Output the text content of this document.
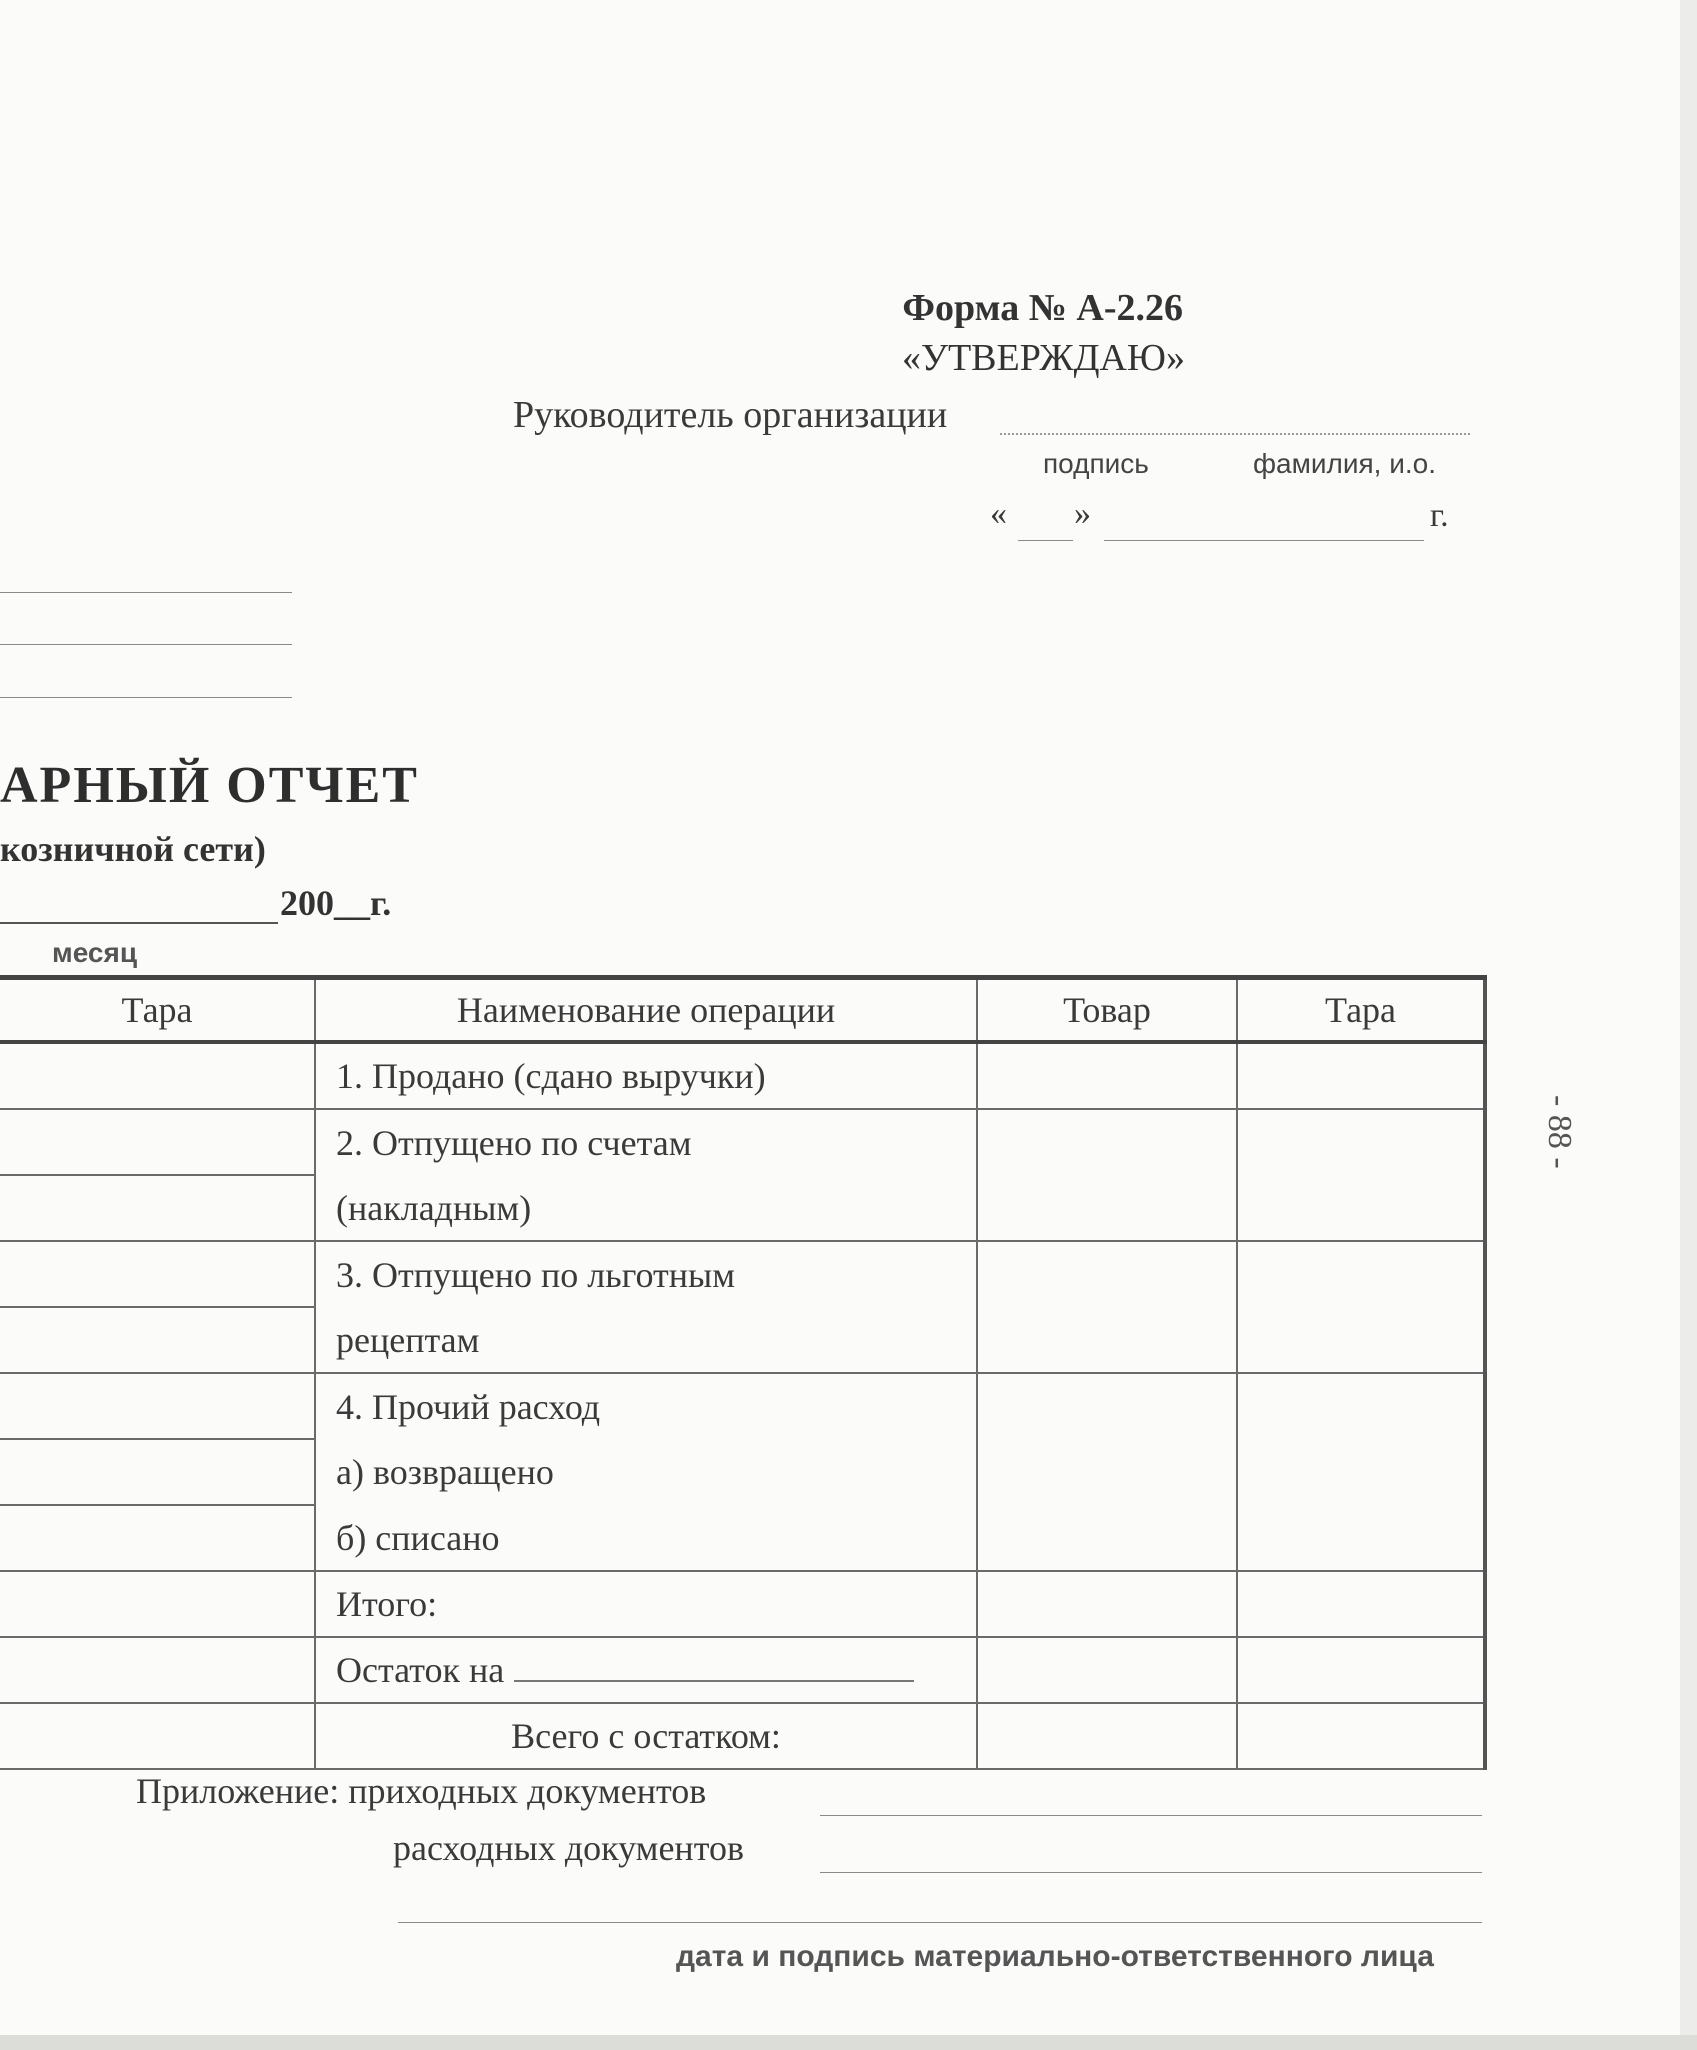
Форма № А-2.26
«УТВЕРЖДАЮ»
Руководитель организации
подпись	фамилия, и.о.
« »	г.
АРНЫЙ ОТЧЕТ
козничной сети)
200__г.
месяц
Тара	Наименование операции	Товар	Тара
	1. Продано (сдано выручки)		
	2. Отпущено по счетам		
	(накладным)		
	3. Отпущено по льготным		
	рецептам		
	4. Прочий расход		
	а) возвращено		
	б) списано		
	Итого:		
	Остаток на		
	Всего с остатком:		
Приложение: приходных документов
расходных документов
дата и подпись материально-ответственного лица
- 88 -
